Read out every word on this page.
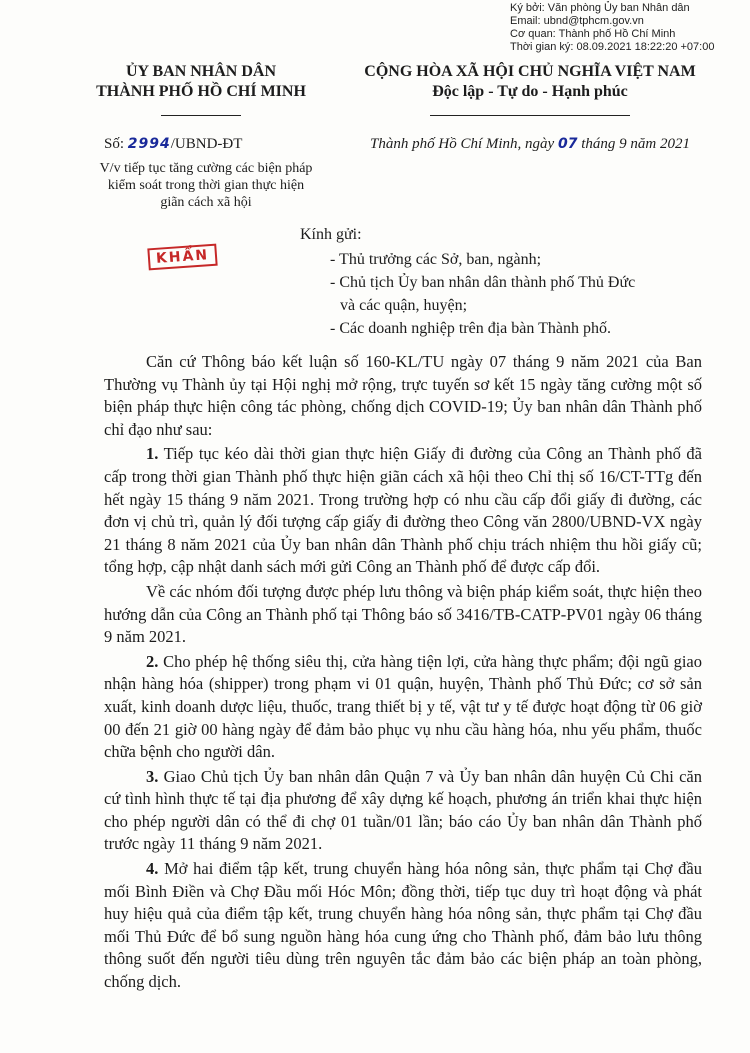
Ký bởi: Văn phòng Ủy ban Nhân dân
Email: ubnd@tphcm.gov.vn
Cơ quan: Thành phố Hồ Chí Minh
Thời gian ký: 08.09.2021 18:22:20 +07:00
ỦY BAN NHÂN DÂN
THÀNH PHỐ HỒ CHÍ MINH
CỘNG HÒA XÃ HỘI CHỦ NGHĨA VIỆT NAM
Độc lập - Tự do - Hạnh phúc
Số: 2994/UBND-ĐT	Thành phố Hồ Chí Minh, ngày 07 tháng 9 năm 2021
V/v tiếp tục tăng cường các biện pháp
kiểm soát trong thời gian thực hiện
giãn cách xã hội
KHẨN
Kính gửi:
- Thủ trưởng các Sở, ban, ngành;
- Chủ tịch Ủy ban nhân dân thành phố Thủ Đức
và các quận, huyện;
- Các doanh nghiệp trên địa bàn Thành phố.

Căn cứ Thông báo kết luận số 160-KL/TU ngày 07 tháng 9 năm 2021 của Ban Thường vụ Thành ủy tại Hội nghị mở rộng, trực tuyến sơ kết 15 ngày tăng cường một số biện pháp thực hiện công tác phòng, chống dịch COVID-19; Ủy ban nhân dân Thành phố chỉ đạo như sau:

1. Tiếp tục kéo dài thời gian thực hiện Giấy đi đường của Công an Thành phố đã cấp trong thời gian Thành phố thực hiện giãn cách xã hội theo Chỉ thị số 16/CT-TTg đến hết ngày 15 tháng 9 năm 2021. Trong trường hợp có nhu cầu cấp đổi giấy đi đường, các đơn vị chủ trì, quản lý đối tượng cấp giấy đi đường theo Công văn 2800/UBND-VX ngày 21 tháng 8 năm 2021 của Ủy ban nhân dân Thành phố chịu trách nhiệm thu hồi giấy cũ; tổng hợp, cập nhật danh sách mới gửi Công an Thành phố để được cấp đổi.

Về các nhóm đối tượng được phép lưu thông và biện pháp kiểm soát, thực hiện theo hướng dẫn của Công an Thành phố tại Thông báo số 3416/TB-CATP-PV01 ngày 06 tháng 9 năm 2021.

2. Cho phép hệ thống siêu thị, cửa hàng tiện lợi, cửa hàng thực phẩm; đội ngũ giao nhận hàng hóa (shipper) trong phạm vi 01 quận, huyện, Thành phố Thủ Đức; cơ sở sản xuất, kinh doanh dược liệu, thuốc, trang thiết bị y tế, vật tư y tế được hoạt động từ 06 giờ 00 đến 21 giờ 00 hàng ngày để đảm bảo phục vụ nhu cầu hàng hóa, nhu yếu phẩm, thuốc chữa bệnh cho người dân.

3. Giao Chủ tịch Ủy ban nhân dân Quận 7 và Ủy ban nhân dân huyện Củ Chi căn cứ tình hình thực tế tại địa phương để xây dựng kế hoạch, phương án triển khai thực hiện cho phép người dân có thể đi chợ 01 tuần/01 lần; báo cáo Ủy ban nhân dân Thành phố trước ngày 11 tháng 9 năm 2021.

4. Mở hai điểm tập kết, trung chuyển hàng hóa nông sản, thực phẩm tại Chợ đầu mối Bình Điền và Chợ Đầu mối Hóc Môn; đồng thời, tiếp tục duy trì hoạt động và phát huy hiệu quả của điểm tập kết, trung chuyển hàng hóa nông sản, thực phẩm tại Chợ đầu mối Thủ Đức để bổ sung nguồn hàng hóa cung ứng cho Thành phố, đảm bảo lưu thông thông suốt đến người tiêu dùng trên nguyên tắc đảm bảo các biện pháp an toàn phòng, chống dịch.
